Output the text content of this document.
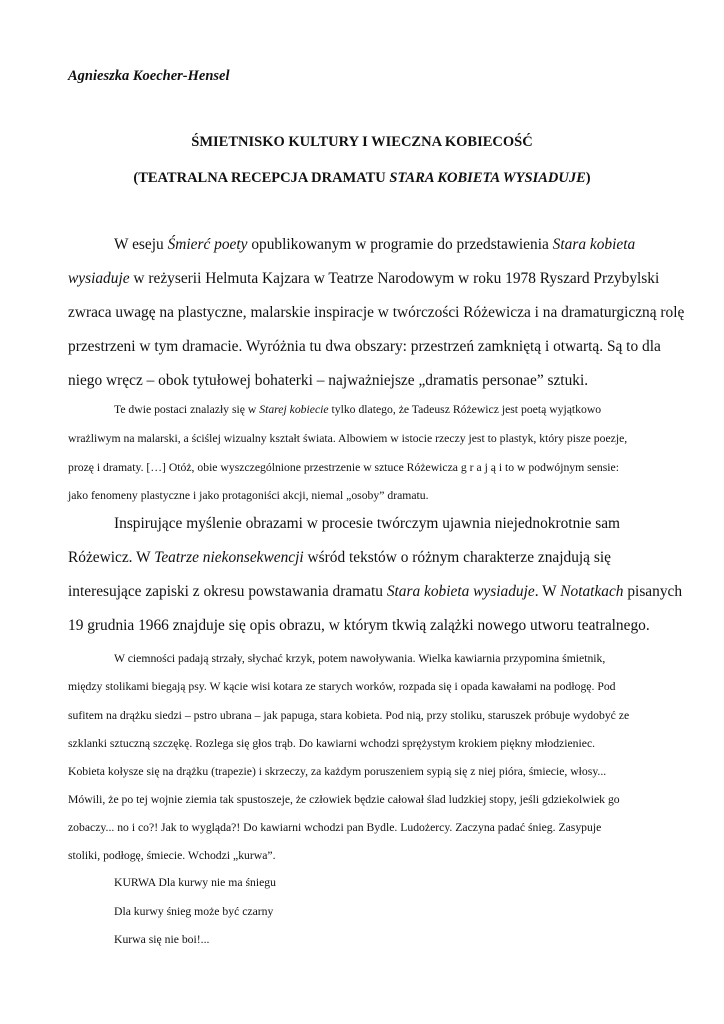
Agnieszka Koecher-Hensel
ŚMIETNISKO KULTURY I WIECZNA KOBIECOŚĆ
(TEATRALNA RECEPCJA DRAMATU STARA KOBIETA WYSIADUJE)
W eseju Śmierć poety opublikowanym w programie do przedstawienia Stara kobieta
wysiaduje w reżyserii Helmuta Kajzara w Teatrze Narodowym w roku 1978 Ryszard Przybylski
zwraca uwagę na plastyczne, malarskie inspiracje w twórczości Różewicza i na dramaturgiczną rolę
przestrzeni w tym dramacie. Wyróżnia tu dwa obszary: przestrzeń zamkniętą i otwartą. Są to dla
niego wręcz – obok tytułowej bohaterki – najważniejsze „dramatis personae” sztuki.
Te dwie postaci znalazły się w Starej kobiecie tylko dlatego, że Tadeusz Różewicz jest poetą wyjątkowo
wrażliwym na malarski, a ściślej wizualny kształt świata. Albowiem w istocie rzeczy jest to plastyk, który pisze poezje,
prozę i dramaty. […] Otóż, obie wyszczególnione przestrzenie w sztuce Różewicza g r a j ą i to w podwójnym sensie:
jako fenomeny plastyczne i jako protagoniści akcji, niemal „osoby” dramatu.
Inspirujące myślenie obrazami w procesie twórczym ujawnia niejednokrotnie sam
Różewicz. W Teatrze niekonsekwencji wśród tekstów o różnym charakterze znajdują się
interesujące zapiski z okresu powstawania dramatu Stara kobieta wysiaduje. W Notatkach pisanych
19 grudnia 1966 znajduje się opis obrazu, w którym tkwią zalążki nowego utworu teatralnego.
W ciemności padają strzały, słychać krzyk, potem nawoływania. Wielka kawiarnia przypomina śmietnik,
między stolikami biegają psy. W kącie wisi kotara ze starych worków, rozpada się i opada kawałami na podłogę. Pod
sufitem na drążku siedzi – pstro ubrana – jak papuga, stara kobieta. Pod nią, przy stoliku, staruszek próbuje wydobyć ze
szklanki sztuczną szczękę. Rozlega się głos trąb. Do kawiarni wchodzi sprężystym krokiem piękny młodzieniec.
Kobieta kołysze się na drążku (trapezie) i skrzeczy, za każdym poruszeniem sypią się z niej pióra, śmiecie, włosy...
Mówili, że po tej wojnie ziemia tak spustoszeje, że człowiek będzie całował ślad ludzkiej stopy, jeśli gdziekolwiek go
zobaczy... no i co?! Jak to wygląda?! Do kawiarni wchodzi pan Bydle. Ludożercy. Zaczyna padać śnieg. Zasypuje
stoliki, podłogę, śmiecie. Wchodzi „kurwa”.
KURWA Dla kurwy nie ma śniegu
Dla kurwy śnieg może być czarny
Kurwa się nie boi!...
